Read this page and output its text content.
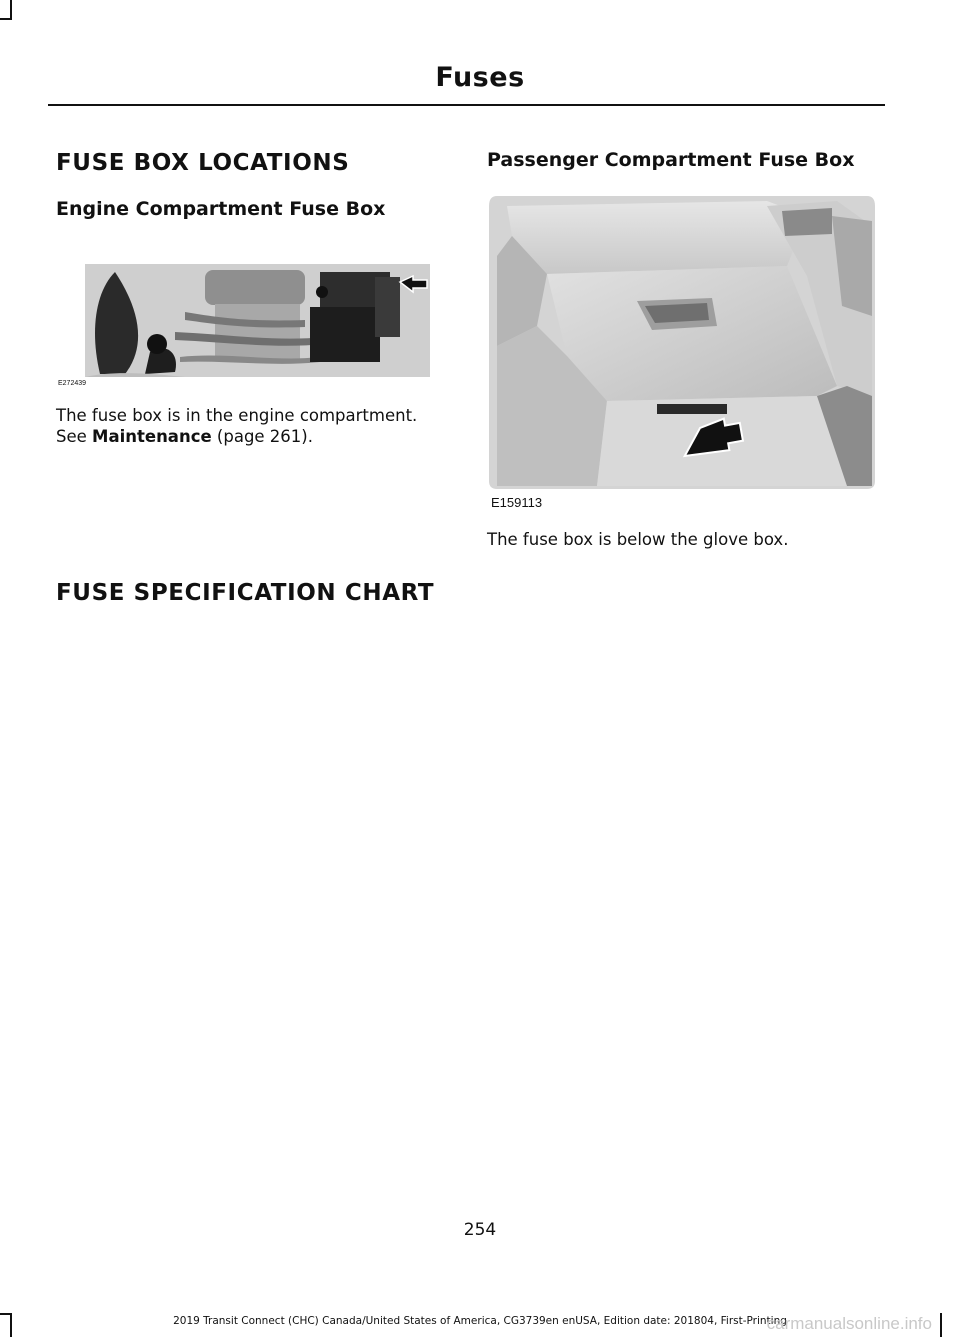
Fuses
FUSE BOX LOCATIONS
Engine Compartment Fuse Box
E272439
The fuse box is in the engine compartment.
See Maintenance (page 261).
FUSE SPECIFICATION CHART
Passenger Compartment Fuse Box
E159113
The fuse box is below the glove box.
254
2019 Transit Connect (CHC) Canada/United States of America, CG3739en enUSA, Edition date: 201804, First-Printing
carmanualsonline.info
